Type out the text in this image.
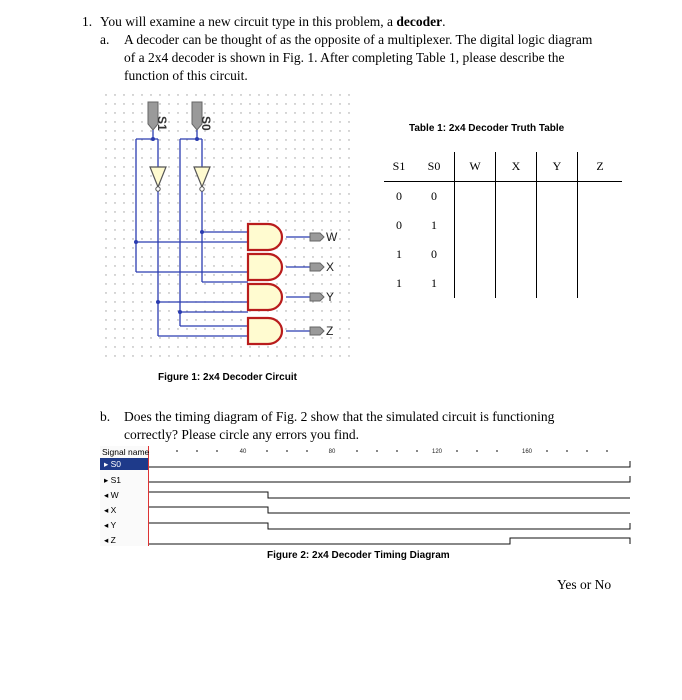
1. You will examine a new circuit type in this problem, a decoder.
a. A decoder can be thought of as the opposite of a multiplexer. The digital logic diagram
of a 2x4 decoder is shown in Fig. 1. After completing Table 1, please describe the
function of this circuit.
S1	S0
W
X
Y
Z
Figure 1: 2x4 Decoder Circuit
Table 1: 2x4 Decoder Truth Table
S1	S0	W	X	Y	Z
0	0				
0	1				
1	0				
1	1				
b. Does the timing diagram of Fig. 2 show that the simulated circuit is functioning
correctly? Please circle any errors you find.
Signal name
▸ S0
▸ S1
◂ W
◂ X
◂ Y
◂ Z
40	80	120	160
Figure 2: 2x4 Decoder Timing Diagram
Yes or No
